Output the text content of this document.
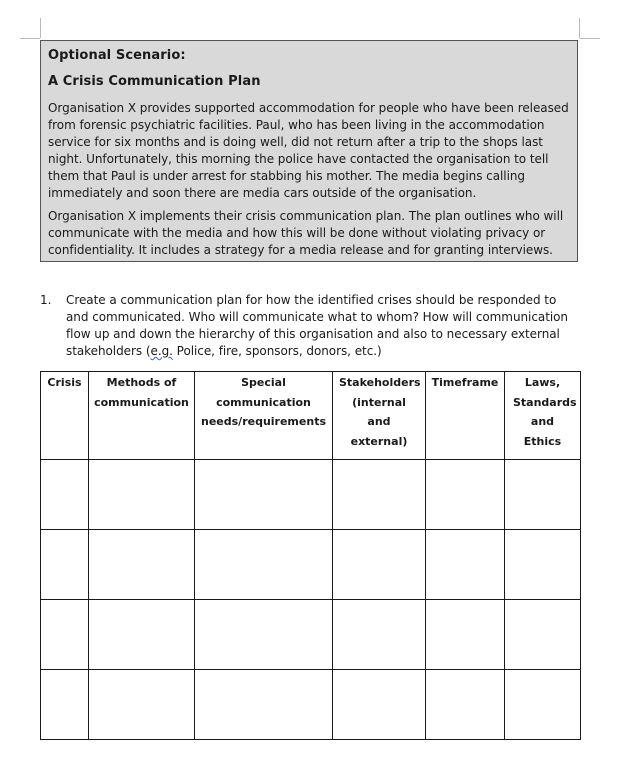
Optional Scenario:
A Crisis Communication Plan

Organisation X provides supported accommodation for people who have been released from forensic psychiatric facilities. Paul, who has been living in the accommodation service for six months and is doing well, did not return after a trip to the shops last night. Unfortunately, this morning the police have contacted the organisation to tell them that Paul is under arrest for stabbing his mother. The media begins calling immediately and soon there are media cars outside of the organisation.

Organisation X implements their crisis communication plan. The plan outlines who will communicate with the media and how this will be done without violating privacy or confidentiality. It includes a strategy for a media release and for granting interviews.

1. Create a communication plan for how the identified crises should be responded to and communicated. Who will communicate what to whom? How will communication flow up and down the hierarchy of this organisation and also to necessary external stakeholders (e.g. Police, fire, sponsors, donors, etc.)
Crisis	Methods of communication	Special communication needs/requirements	Stakeholders (internal and external)	Timeframe	Laws, Standards and Ethics
